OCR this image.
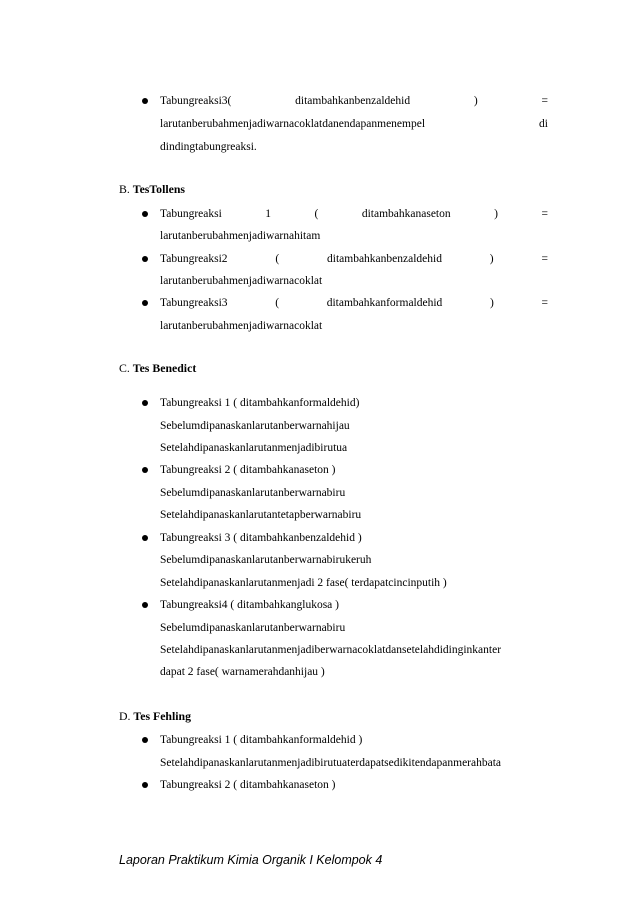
Tabungreaksi3(	ditambahkanbenzaldehid	)	=
larutanberubahmenjadiwarnacoklatdanendapanmenempel	di
dindingtabungreaksi.
B. TesTollens
Tabungreaksi	1	(	ditambahkanaseton	)	=
larutanberubahmenjadiwarnahitam
Tabungreaksi2	(	ditambahkanbenzaldehid	)	=
larutanberubahmenjadiwarnacoklat
Tabungreaksi3	(	ditambahkanformaldehid	)	=
larutanberubahmenjadiwarnacoklat
C. Tes Benedict
Tabungreaksi 1 ( ditambahkanformaldehid)
Sebelumdipanaskanlarutanberwarnahijau
Setelahdipanaskanlarutanmenjadibirutua
Tabungreaksi 2 ( ditambahkanaseton )
Sebelumdipanaskanlarutanberwarnabiru
Setelahdipanaskanlarutantetapberwarnabiru
Tabungreaksi 3 ( ditambahkanbenzaldehid )
Sebelumdipanaskanlarutanberwarnabirukeruh
Setelahdipanaskanlarutanmenjadi 2 fase( terdapatcincinputih )
Tabungreaksi4 ( ditambahkanglukosa )
Sebelumdipanaskanlarutanberwarnabiru
Setelahdipanaskanlarutanmenjadiberwarnacoklatdansetelahdidinginkanter
dapat 2 fase( warnamerahdanhijau )
D. Tes Fehling
Tabungreaksi 1 ( ditambahkanformaldehid )
Setelahdipanaskanlarutanmenjadibirutuaterdapatsedikitendapanmerahbata
Tabungreaksi 2 ( ditambahkanaseton )
Laporan Praktikum Kimia Organik I Kelompok 4
